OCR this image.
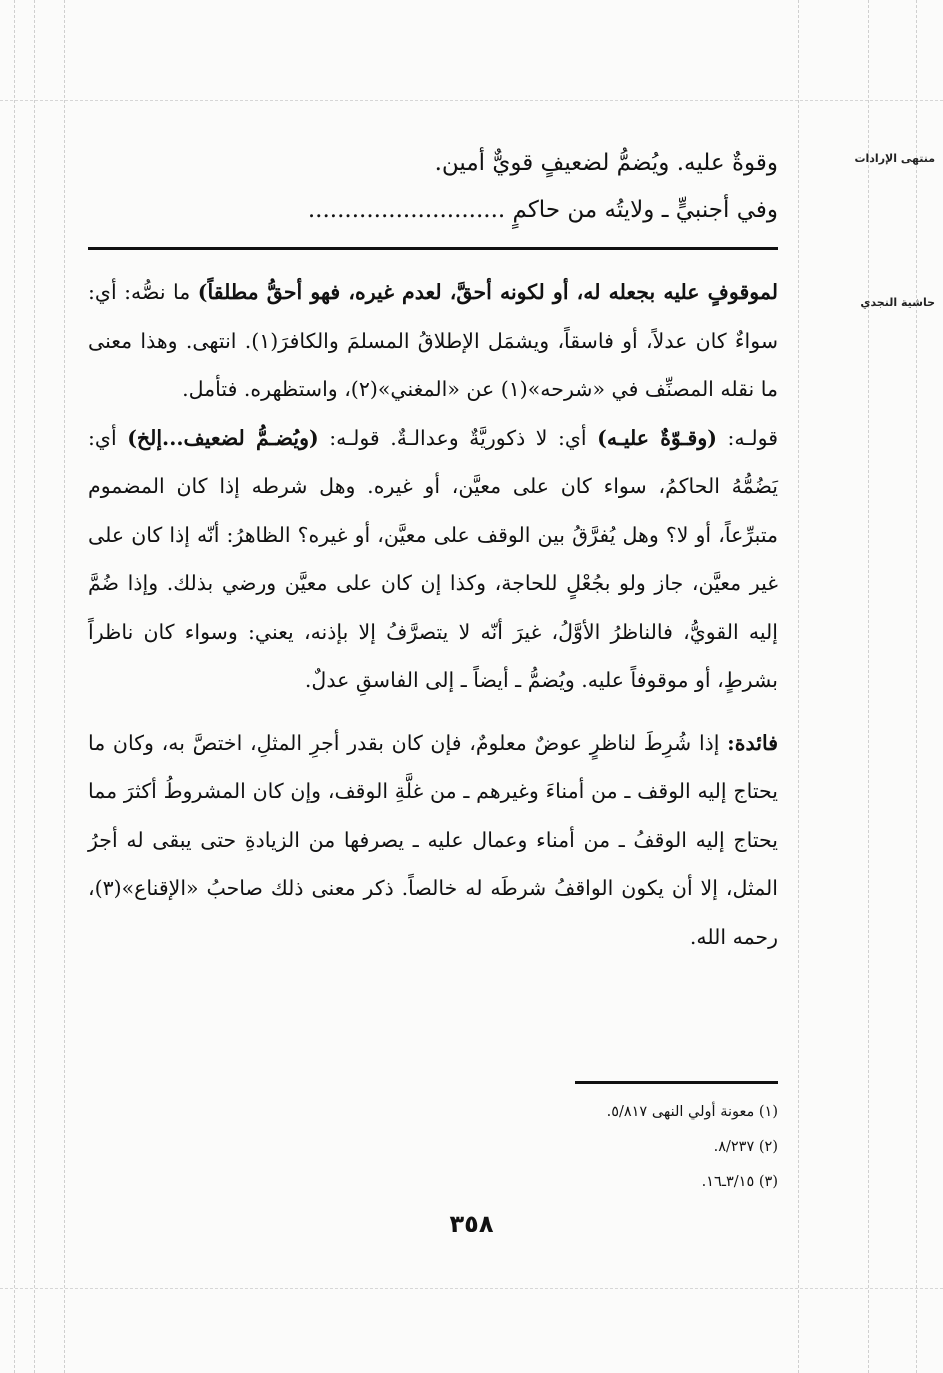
منتهى الإرادات
حاشية النجدي

وقوةٌ عليه. ويُضمُّ لضعيفٍ قويٌّ أمين.

وفي أجنبيٍّ ـ ولايتُه من حاكمٍ ...........................

لموقوفٍ عليه بجعله له، أو لكونه أحقَّ، لعدم غيره، فهو أحقُّ مطلقاً) ما نصُّه: أي: سواءٌ كان عدلاً، أو فاسقاً، ويشمَل الإطلاقُ المسلمَ والكافرَ(١). انتهى. وهذا معنى ما نقله المصنِّف في «شرحه»(١) عن «المغني»(٢)، واستظهره. فتأمل.

قولـه: (وقـوّةٌ عليـه) أي: لا ذكوريَّةٌ وعدالـةٌ. قولـه: (ويُضـمُّ لضعيف...إلخ) أي: يَضُمُّهُ الحاكمُ، سواء كان على معيَّن، أو غيره. وهل شرطه إذا كان المضموم متبرِّعاً، أو لا؟ وهل يُفرَّقُ بين الوقف على معيَّن، أو غيره؟ الظاهرُ: أنّه إذا كان على غير معيَّن، جاز ولو بجُعْلٍ للحاجة، وكذا إن كان على معيَّن ورضي بذلك. وإذا ضُمَّ إليه القويُّ، فالناظرُ الأوَّلُ، غيرَ أنّه لا يتصرَّفُ إلا بإذنه، يعني: وسواء كان ناظراً بشرطٍ، أو موقوفاً عليه. ويُضمُّ ـ أيضاً ـ إلى الفاسقِ عدلٌ.

فائدة: إذا شُرِطَ لناظرٍ عوضٌ معلومٌ، فإن كان بقدر أجرِ المثلِ، اختصَّ به، وكان ما يحتاج إليه الوقف ـ من أمناءَ وغيرهم ـ من غلَّةِ الوقف، وإن كان المشروطُ أكثرَ مما يحتاج إليه الوقفُ ـ من أمناء وعمال عليه ـ يصرفها من الزيادةِ حتى يبقى له أجرُ المثل، إلا أن يكون الواقفُ شرطَه له خالصاً. ذكر معنى ذلك صاحبُ «الإقناع»(٣)، رحمه الله.

(١) معونة أولي النهى ٥/٨١٧.
(٢) ٨/٢٣٧.
(٣) ٣/١٥ـ١٦.
٣٥٨
